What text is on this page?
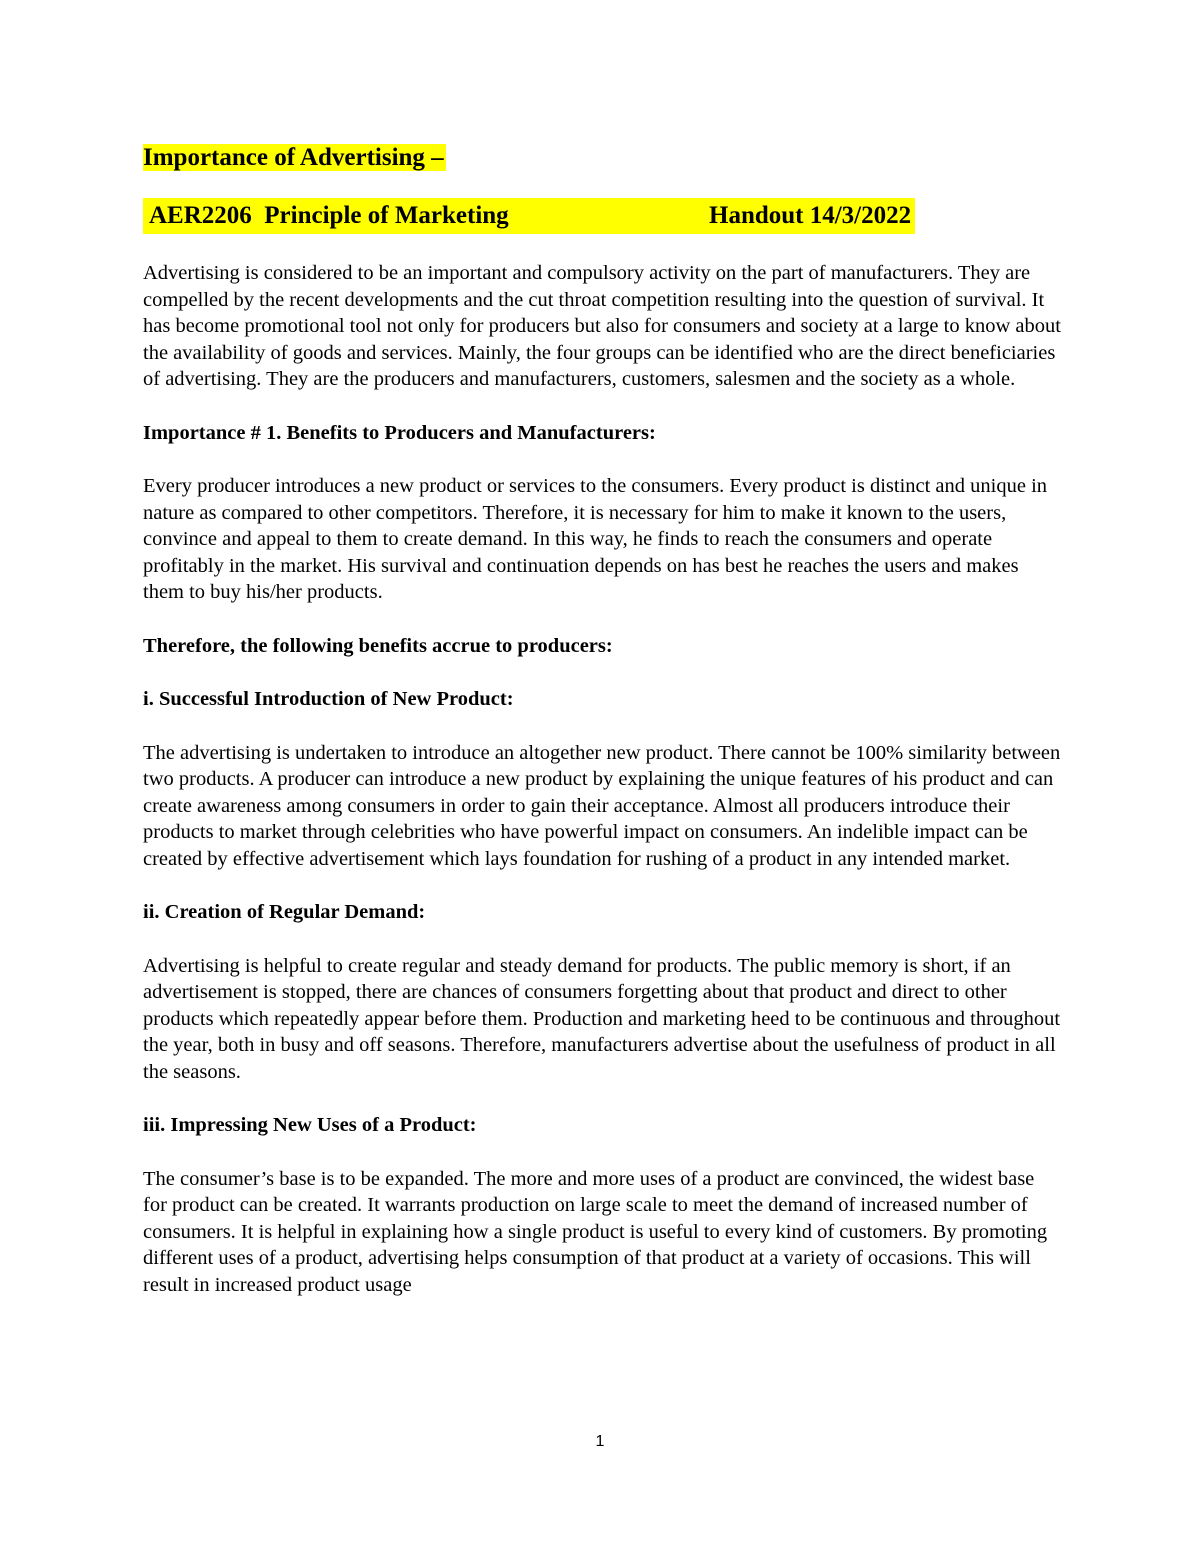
Importance of Advertising –
AER2206  Principle of Marketing	Handout 14/3/2022

Advertising is considered to be an important and compulsory activity on the part of manufacturers. They are compelled by the recent developments and the cut throat competition resulting into the question of survival. It has become promotional tool not only for producers but also for consumers and society at a large to know about the availability of goods and services. Mainly, the four groups can be identified who are the direct beneficiaries of advertising. They are the producers and manufacturers, customers, salesmen and the society as a whole.

Importance # 1. Benefits to Producers and Manufacturers:

Every producer introduces a new product or services to the consumers. Every product is distinct and unique in nature as compared to other competitors. Therefore, it is necessary for him to make it known to the users, convince and appeal to them to create demand. In this way, he finds to reach the consumers and operate profitably in the market. His survival and continuation depends on has best he reaches the users and makes them to buy his/her products.

Therefore, the following benefits accrue to producers:

i. Successful Introduction of New Product:

The advertising is undertaken to introduce an altogether new product. There cannot be 100% similarity between two products. A producer can introduce a new product by explaining the unique features of his product and can create awareness among consumers in order to gain their acceptance. Almost all producers introduce their products to market through celebrities who have powerful impact on consumers. An indelible impact can be created by effective advertisement which lays foundation for rushing of a product in any intended market.

ii. Creation of Regular Demand:

Advertising is helpful to create regular and steady demand for products. The public memory is short, if an advertisement is stopped, there are chances of consumers forgetting about that product and direct to other products which repeatedly appear before them. Production and marketing heed to be continuous and throughout the year, both in busy and off seasons. Therefore, manufacturers advertise about the usefulness of product in all the seasons.

iii. Impressing New Uses of a Product:

The consumer’s base is to be expanded. The more and more uses of a product are convinced, the widest base for product can be created. It warrants production on large scale to meet the demand of increased number of consumers. It is helpful in explaining how a single product is useful to every kind of customers. By promoting different uses of a product, advertising helps consumption of that product at a variety of occasions. This will result in increased product usage

1
